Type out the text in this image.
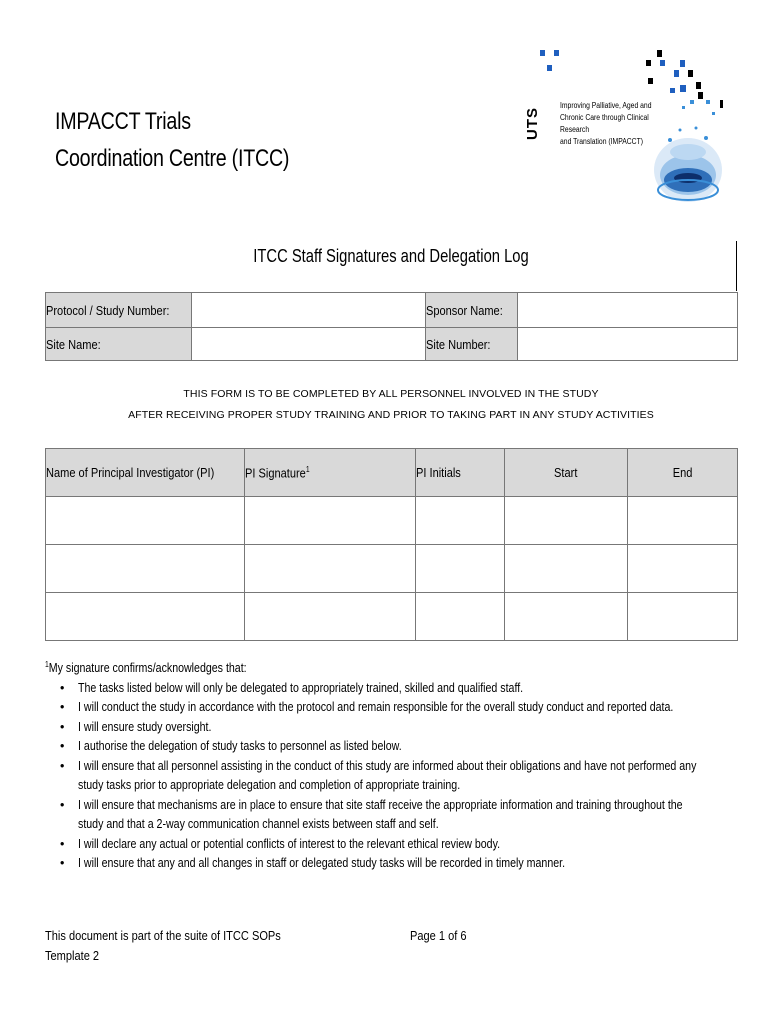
IMPACCT Trials
Coordination Centre (ITCC)
UTS
Improving Palliative, Aged and
Chronic Care through Clinical Research
and Translation (IMPACCT)
ITCC Staff Signatures and Delegation Log
Protocol / Study Number:		Sponsor Name:	
Site Name:		Site Number:	
THIS FORM IS TO BE COMPLETED BY ALL PERSONNEL INVOLVED IN THE STUDY
AFTER RECEIVING PROPER STUDY TRAINING AND PRIOR TO TAKING PART IN ANY STUDY ACTIVITIES
Name of Principal Investigator (PI)	PI Signature$^1$	PI Initials	Start	End

$^1$My signature confirms/acknowledges that:

• The tasks listed below will only be delegated to appropriately trained, skilled and qualified staff.
• I will conduct the study in accordance with the protocol and remain responsible for the overall study conduct and reported data.
• I will ensure study oversight.
• I authorise the delegation of study tasks to personnel as listed below.
• I will ensure that all personnel assisting in the conduct of this study are informed about their obligations and have not performed any study tasks prior to appropriate delegation and completion of appropriate training.
• I will ensure that mechanisms are in place to ensure that site staff receive the appropriate information and training throughout the study and that a 2-way communication channel exists between staff and self.
• I will declare any actual or potential conflicts of interest to the relevant ethical review body.
• I will ensure that any and all changes in staff or delegated study tasks will be recorded in timely manner.
This document is part of the suite of ITCC SOPs
Template 2
Page 1 of 6
